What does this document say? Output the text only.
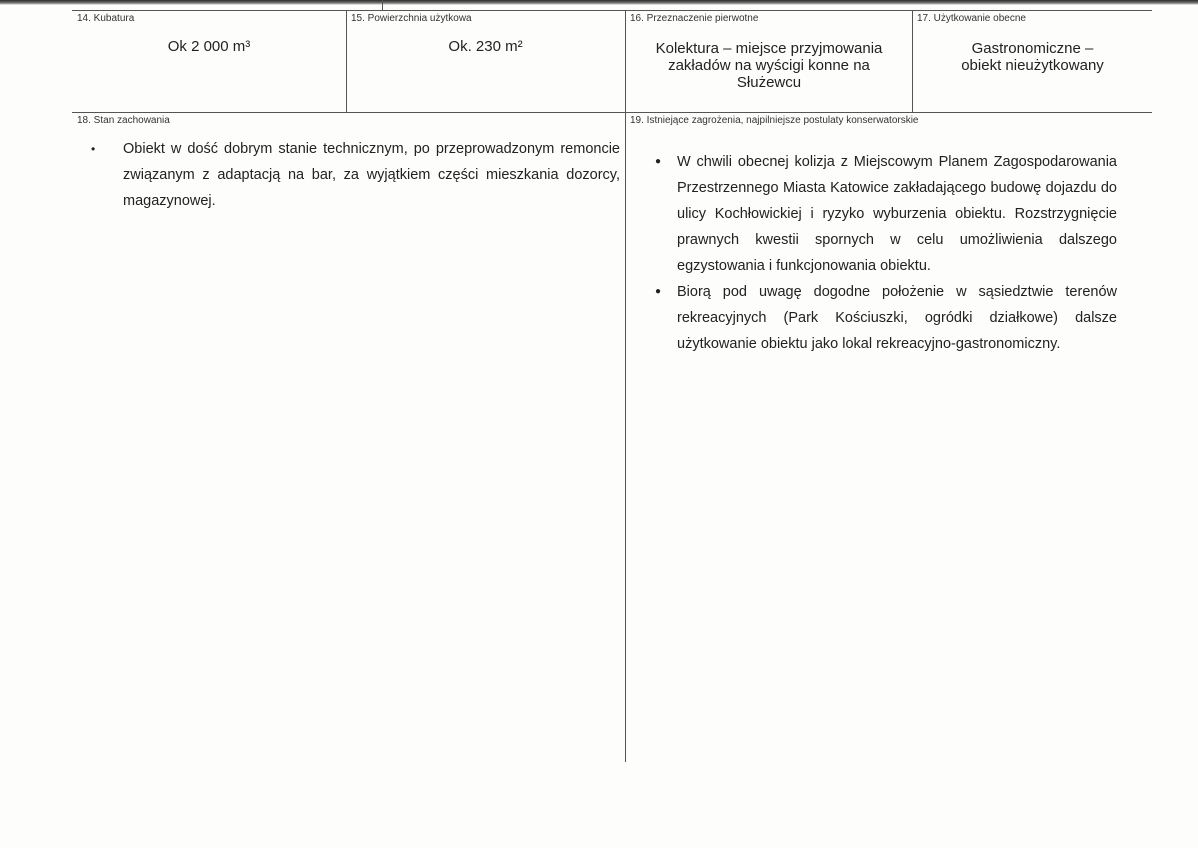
14. Kubatura
Ok 2 000 m³
15. Powierzchnia użytkowa
Ok. 230 m²
16. Przeznaczenie pierwotne
Kolektura – miejsce przyjmowania
zakładów na wyścigi konne na
Służewcu
17. Użytkowanie obecne
Gastronomiczne –
obiekt nieużytkowany
18. Stan zachowania
• Obiekt w dość dobrym stanie technicznym, po przeprowadzonym remoncie związanym z adaptacją na bar, za wyjątkiem części mieszkania dozorcy, magazynowej.
19. Istniejące zagrożenia, najpilniejsze postulaty konserwatorskie
● W chwili obecnej kolizja z Miejscowym Planem Zagospodarowania Przestrzennego Miasta Katowice zakładającego budowę dojazdu do ulicy Kochłowickiej i ryzyko wyburzenia obiektu. Rozstrzygnięcie prawnych kwestii spornych w celu umożliwienia dalszego egzystowania i funkcjonowania obiektu.
● Biorą pod uwagę dogodne położenie w sąsiedztwie terenów rekreacyjnych (Park Kościuszki, ogródki działkowe) dalsze użytkowanie obiektu jako lokal rekreacyjno-gastronomiczny.
